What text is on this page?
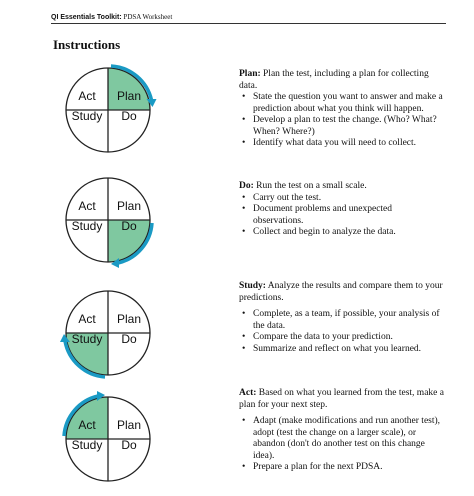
QI Essentials Toolkit: PDSA Worksheet
Instructions
Act Plan
Study Do
Act Plan
Study Do
Act Plan
Study Do
Act Plan
Study Do
Plan: Plan the test, including a plan for collecting data.
• State the question you want to answer and make a prediction about what you think will happen.
• Develop a plan to test the change. (Who? What? When? Where?)
• Identify what data you will need to collect.
Do: Run the test on a small scale.
• Carry out the test.
• Document problems and unexpected observations.
• Collect and begin to analyze the data.
Study: Analyze the results and compare them to your predictions.
• Complete, as a team, if possible, your analysis of the data.
• Compare the data to your prediction.
• Summarize and reflect on what you learned.
Act: Based on what you learned from the test, make a plan for your next step.
• Adapt (make modifications and run another test), adopt (test the change on a larger scale), or abandon (don't do another test on this change idea).
• Prepare a plan for the next PDSA.
